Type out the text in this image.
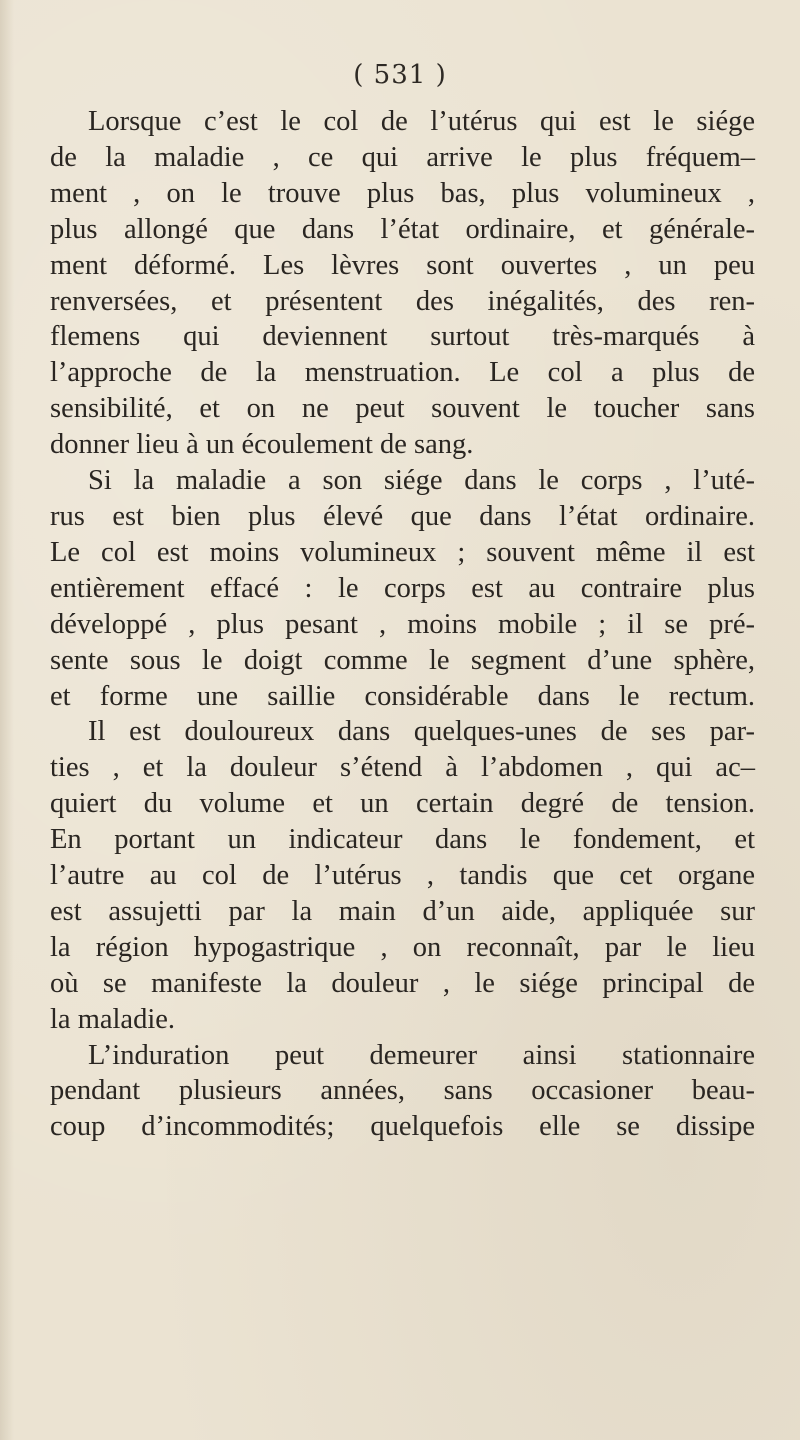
( 531 )
Lorsque c’est le col de l’utérus qui est le siége
de la maladie , ce qui arrive le plus fréquem–
ment , on le trouve plus bas, plus volumineux ,
plus allongé que dans l’état ordinaire, et générale-
ment déformé. Les lèvres sont ouvertes , un peu
renversées, et présentent des inégalités, des ren-
flemens qui deviennent surtout très-marqués à
l’approche de la menstruation. Le col a plus de
sensibilité, et on ne peut souvent le toucher sans
donner lieu à un écoulement de sang.
Si la maladie a son siége dans le corps , l’uté-
rus est bien plus élevé que dans l’état ordinaire.
Le col est moins volumineux ; souvent même il est
entièrement effacé : le corps est au contraire plus
développé , plus pesant , moins mobile ; il se pré-
sente sous le doigt comme le segment d’une sphère,
et forme une saillie considérable dans le rectum.
Il est douloureux dans quelques-unes de ses par-
ties , et la douleur s’étend à l’abdomen , qui ac–
quiert du volume et un certain degré de tension.
En portant un indicateur dans le fondement, et
l’autre au col de l’utérus , tandis que cet organe
est assujetti par la main d’un aide, appliquée sur
la région hypogastrique , on reconnaît, par le lieu
où se manifeste la douleur , le siége principal de
la maladie.
L’induration peut demeurer ainsi stationnaire
pendant plusieurs années, sans occasioner beau-
coup d’incommodités; quelquefois elle se dissipe
